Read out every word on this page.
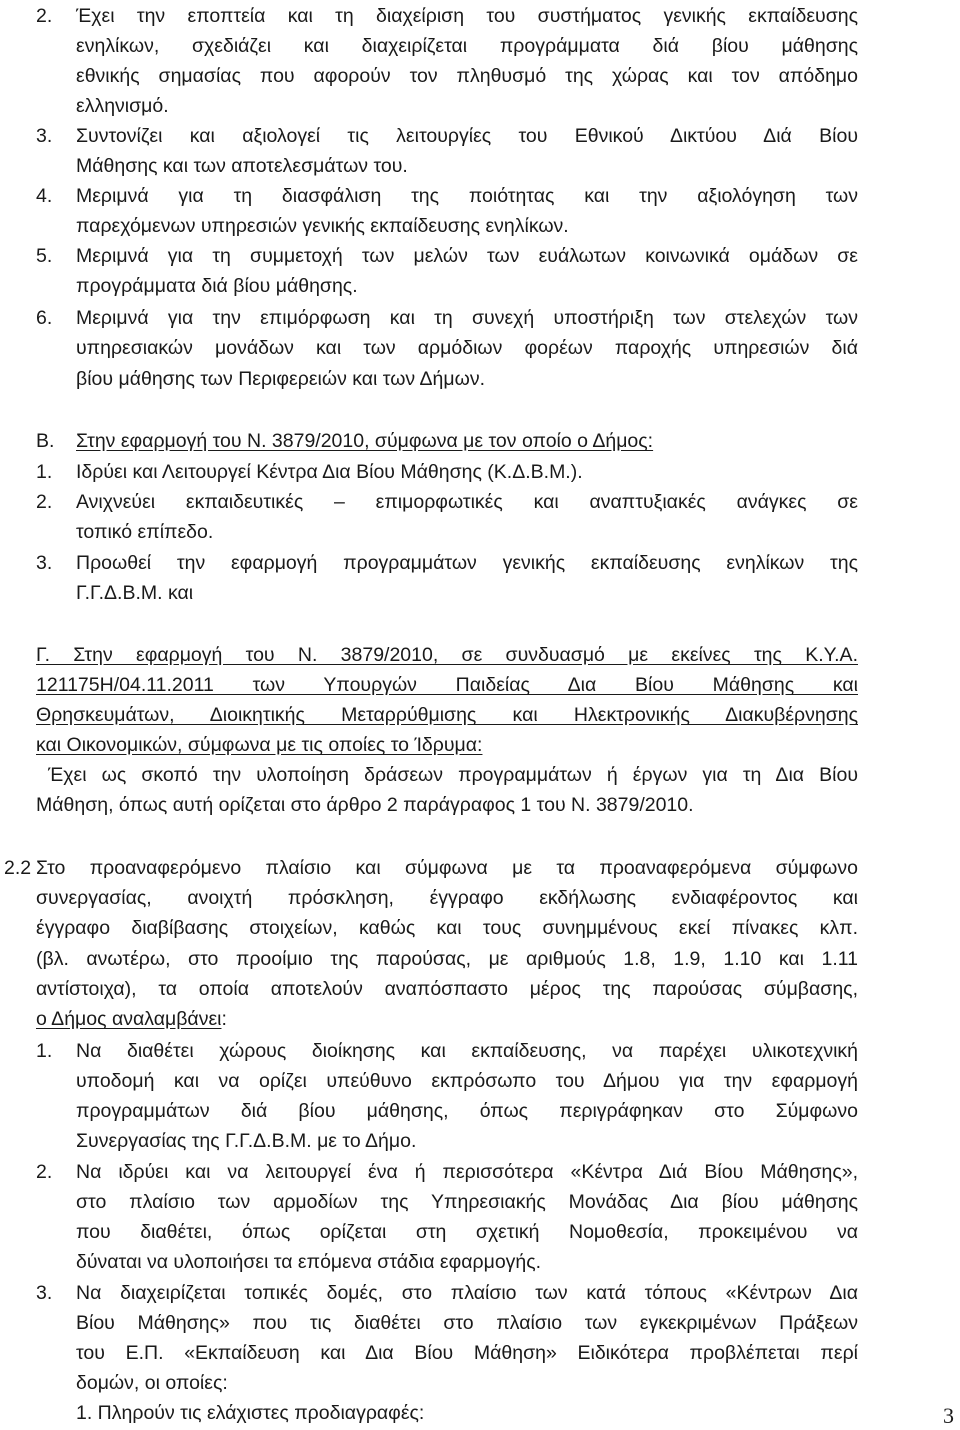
2. Έχει την εποπτεία και τη διαχείριση του συστήματος γενικής εκπαίδευσης
ενηλίκων, σχεδιάζει και διαχειρίζεται προγράμματα διά βίου μάθησης
εθνικής σημασίας που αφορούν τον πληθυσμό της χώρας και τον απόδημο
ελληνισμό.
3. Συντονίζει και αξιολογεί τις λειτουργίες του Εθνικού Δικτύου Διά Βίου
Μάθησης και των αποτελεσμάτων του.
4. Μεριμνά για τη διασφάλιση της ποιότητας και την αξιολόγηση των
παρεχόμενων υπηρεσιών γενικής εκπαίδευσης ενηλίκων.
5. Μεριμνά για τη συμμετοχή των μελών των ευάλωτων κοινωνικά ομάδων σε
προγράμματα διά βίου μάθησης.
6. Μεριμνά για την επιμόρφωση και τη συνεχή υποστήριξη των στελεχών των
υπηρεσιακών μονάδων και των αρμόδιων φορέων παροχής υπηρεσιών διά
βίου μάθησης των Περιφερειών και των Δήμων.
Β. Στην εφαρμογή του Ν. 3879/2010, σύμφωνα με τον οποίο ο Δήμος:
1. Ιδρύει και Λειτουργεί Κέντρα Δια Βίου Μάθησης (Κ.Δ.Β.Μ.).
2. Ανιχνεύει εκπαιδευτικές – επιμορφωτικές και αναπτυξιακές ανάγκες σε
τοπικό επίπεδο.
3. Προωθεί την εφαρμογή προγραμμάτων γενικής εκπαίδευσης ενηλίκων της
Γ.Γ.Δ.Β.Μ. και
Γ. Στην εφαρμογή του Ν. 3879/2010, σε συνδυασμό με εκείνες της Κ.Υ.Α.
121175Η/04.11.2011 των Υπουργών Παιδείας Δια Βίου Μάθησης και
Θρησκευμάτων, Διοικητικής Μεταρρύθμισης και Ηλεκτρονικής Διακυβέρνησης
και Οικονομικών, σύμφωνα με τις οποίες το Ίδρυμα:
Έχει ως σκοπό την υλοποίηση δράσεων προγραμμάτων ή έργων για τη Δια Βίου
Μάθηση, όπως αυτή ορίζεται στο άρθρο 2 παράγραφος 1 του Ν. 3879/2010.
2.2 Στο προαναφερόμενο πλαίσιο και σύμφωνα με τα προαναφερόμενα σύμφωνο
συνεργασίας, ανοιχτή πρόσκληση, έγγραφο εκδήλωσης ενδιαφέροντος και
έγγραφο διαβίβασης στοιχείων, καθώς και τους συνημμένους εκεί πίνακες κλπ.
(βλ. ανωτέρω, στο προοίμιο της παρούσας, με αριθμούς 1.8, 1.9, 1.10 και 1.11
αντίστοιχα), τα οποία αποτελούν αναπόσπαστο μέρος της παρούσας σύμβασης,
ο Δήμος αναλαμβάνει:
1. Να διαθέτει χώρους διοίκησης και εκπαίδευσης, να παρέχει υλικοτεχνική
υποδομή και να ορίζει υπεύθυνο εκπρόσωπο του Δήμου για την εφαρμογή
προγραμμάτων διά βίου μάθησης, όπως περιγράφηκαν στο Σύμφωνο
Συνεργασίας της Γ.Γ.Δ.Β.Μ. με το Δήμο.
2. Να ιδρύει και να λειτουργεί ένα ή περισσότερα «Κέντρα Διά Βίου Μάθησης»,
στο πλαίσιο των αρμοδίων της Υπηρεσιακής Μονάδας Δια βίου μάθησης
που διαθέτει, όπως ορίζεται στη σχετική Νομοθεσία, προκειμένου να
δύναται να υλοποιήσει τα επόμενα στάδια εφαρμογής.
3. Να διαχειρίζεται τοπικές δομές, στο πλαίσιο των κατά τόπους «Κέντρων Δια
Βίου Μάθησης» που τις διαθέτει στο πλαίσιο των εγκεκριμένων Πράξεων
του Ε.Π. «Εκπαίδευση και Δια Βίου Μάθηση» Ειδικότερα προβλέπεται περί
δομών, οι οποίες:
1. Πληρούν τις ελάχιστες προδιαγραφές:	3
